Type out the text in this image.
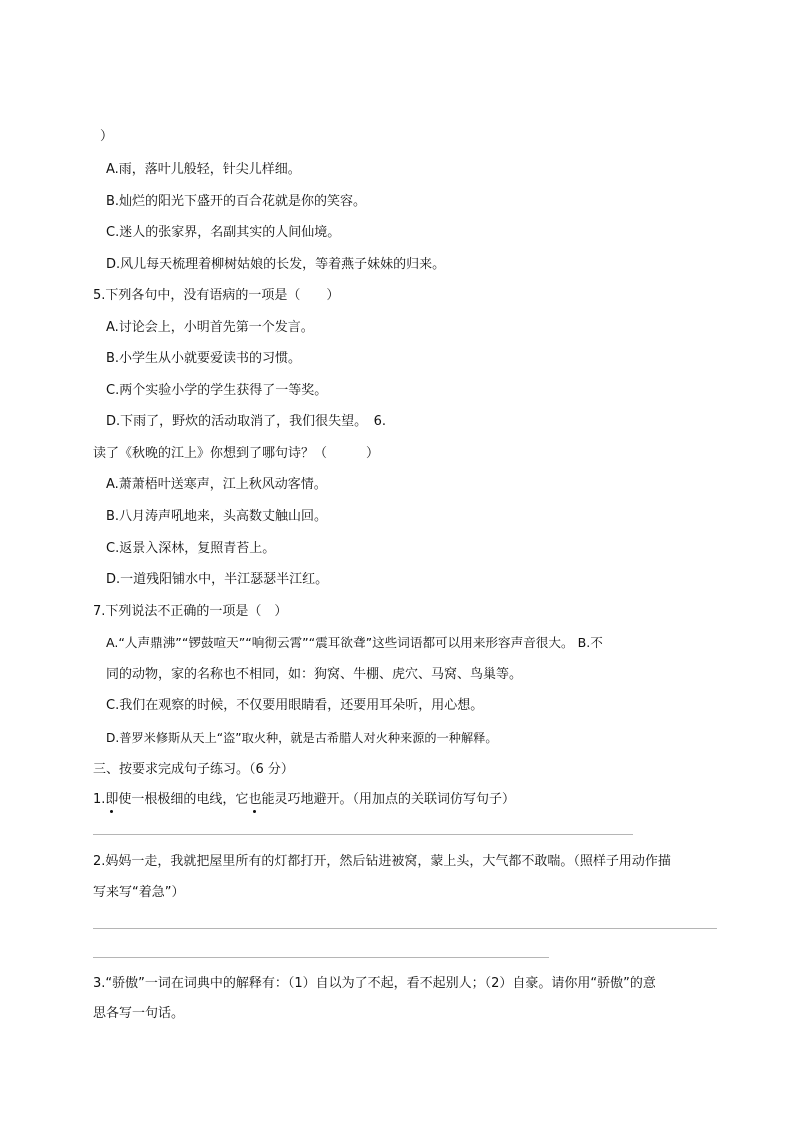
）
A.雨，落叶儿般轻，针尖儿样细。
B.灿烂的阳光下盛开的百合花就是你的笑容。
C.迷人的张家界，名副其实的人间仙境。
D.风儿每天梳理着柳树姑娘的长发，等着燕子妹妹的归来。
5.下列各句中，没有语病的一项是（　　）
A.讨论会上，小明首先第一个发言。
B.小学生从小就要爱读书的习惯。
C.两个实验小学的学生获得了一等奖。
D.下雨了，野炊的活动取消了，我们很失望。　6.
读了《秋晚的江上》你想到了哪句诗？（　　　）
A.萧萧梧叶送寒声，江上秋风动客情。
B.八月涛声吼地来，头高数丈触山回。
C.返景入深林，复照青苔上。
D.一道残阳铺水中，半江瑟瑟半江红。
7.下列说法不正确的一项是（　）
A.“人声鼎沸”“锣鼓喧天”“响彻云霄”“震耳欲聋”这些词语都可以用来形容声音很大。 B.不
同的动物，家的名称也不相同，如：狗窝、牛棚、虎穴、马窝、鸟巢等。
C.我们在观察的时候，不仅要用眼睛看，还要用耳朵听，用心想。
D.普罗米修斯从天上“盗”取火种，就是古希腊人对火种来源的一种解释。
三、按要求完成句子练习。（6 分）
1.即使一根极细的电线，它也能灵巧地避开。（用加点的关联词仿写句子）
2.妈妈一走，我就把屋里所有的灯都打开，然后钻进被窝，蒙上头，大气都不敢喘。（照样子用动作描
写来写“着急”）
3.“骄傲”一词在词典中的解释有：（1）自以为了不起，看不起别人；（2）自豪。请你用“骄傲”的意
思各写一句话。
